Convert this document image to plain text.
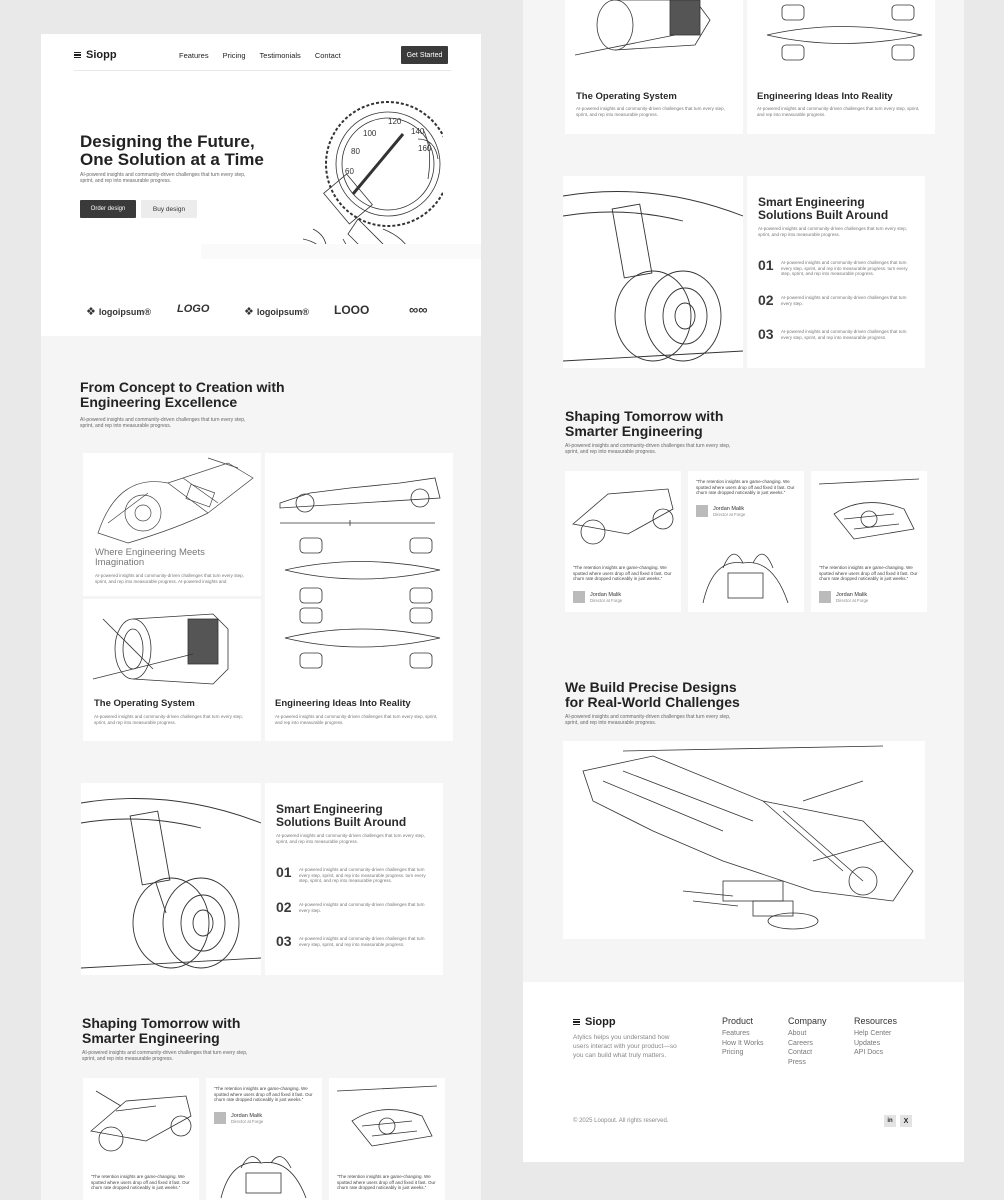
Siopp	Features Pricing Testimonials Contact	Get Started
Designing the Future,
One Solution at a Time
AI-powered insights and community-driven challenges that turn every step, sprint, and rep into measurable progress.
Order design	Buy design
100
120
140
80
60
160
❖ logoipsum® LOGO	❖ logoipsum® LOOO	∞∞
From Concept to Creation with
Engineering Excellence
AI-powered insights and community-driven challenges that turn every step, sprint, and rep into measurable progress.
Where Engineering Meets Imagination
AI-powered insights and community-driven challenges that turn every step, sprint, and rep into measurable progress. AI-powered insights and
The Operating System
AI-powered insights and community-driven challenges that turn every step, sprint, and rep into measurable progress.
Engineering Ideas Into Reality
AI-powered insights and community-driven challenges that turn every step, sprint, and rep into measurable progress.
Smart Engineering
Solutions Built Around
AI-powered insights and community-driven challenges that turn every step, sprint, and rep into measurable progress.
01 AI-powered insights and community-driven challenges that turn every step, sprint, and rep into measurable progress. turn every step, sprint, and rep into measurable progress.
02 AI-powered insights and community-driven challenges that turn every step.
03 AI-powered insights and community-driven challenges that turn every step, sprint, and rep into measurable progress.
Shaping Tomorrow with
Smarter Engineering
AI-powered insights and community-driven challenges that turn every step, sprint, and rep into measurable progress.
“The retention insights are game-changing. We spotted where users drop off and fixed it fast. Our churn rate dropped noticeably in just weeks.”
“The retention insights are game-changing. We spotted where users drop off and fixed it fast. Our churn rate dropped noticeably in just weeks.”
Jordan Malik
Director at Forge
“The retention insights are game-changing. We spotted where users drop off and fixed it fast. Our churn rate dropped noticeably in just weeks.”
The Operating System
AI-powered insights and community-driven challenges that turn every step, sprint, and rep into measurable progress.
Engineering Ideas Into Reality
AI-powered insights and community-driven challenges that turn every step, sprint, and rep into measurable progress.
Smart Engineering
Solutions Built Around
AI-powered insights and community-driven challenges that turn every step, sprint, and rep into measurable progress.
01 AI-powered insights and community-driven challenges that turn every step, sprint, and rep into measurable progress. turn every step, sprint, and rep into measurable progress.
02 AI-powered insights and community-driven challenges that turn every step.
03 AI-powered insights and community-driven challenges that turn every step, sprint, and rep into measurable progress.
Shaping Tomorrow with
Smarter Engineering
AI-powered insights and community-driven challenges that turn every step, sprint, and rep into measurable progress.
“The retention insights are game-changing. We spotted where users drop off and fixed it fast. Our churn rate dropped noticeably in just weeks.”
Jordan Malik
Director at Forge
“The retention insights are game-changing. We spotted where users drop off and fixed it fast. Our churn rate dropped noticeably in just weeks.”
Jordan Malik
Director at Forge
“The retention insights are game-changing. We spotted where users drop off and fixed it fast. Our churn rate dropped noticeably in just weeks.”
Jordan Malik
Director at Forge
We Build Precise Designs
for Real-World Challenges
AI-powered insights and community-driven challenges that turn every step, sprint, and rep into measurable progress.
Siopp
Atylics helps you understand how users interact with your product—so you can build what truly matters.
Product
Features
How It Works
Pricing
Company
About
Careers
Contact
Press
Resources
Help Center
Updates
API Docs
© 2025 Loopout. All rights reserved.	in	X
